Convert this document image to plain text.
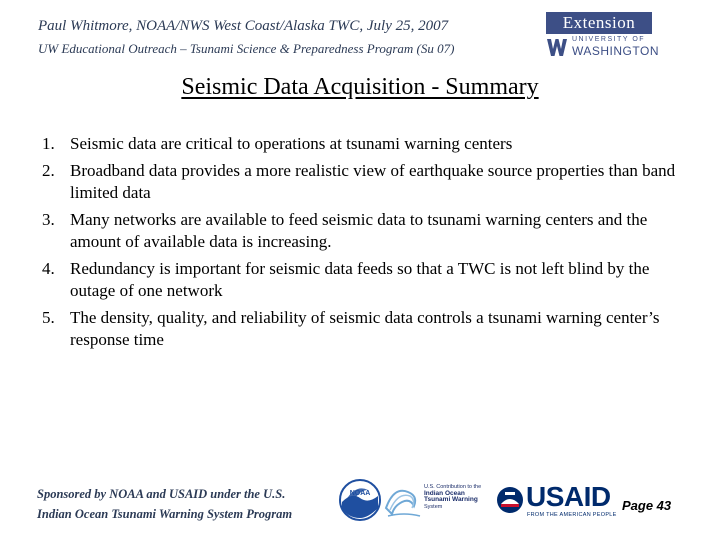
Paul Whitmore, NOAA/NWS West Coast/Alaska TWC, July 25, 2007
UW Educational Outreach – Tsunami Science & Preparedness Program (Su 07)
Extension
UNIVERSITY OF
WASHINGTON
Seismic Data Acquisition - Summary
1. Seismic data are critical to operations at tsunami warning centers
2. Broadband data provides a more realistic view of earthquake source properties than band limited data
3. Many networks are available to feed seismic data to tsunami warning centers and the amount of available data is increasing.
4. Redundancy is important for seismic data feeds so that a TWC is not left blind by the outage of one network
5. The density, quality, and reliability of seismic data controls a tsunami warning center’s response time
Sponsored by NOAA and USAID under the U.S.
Indian Ocean Tsunami Warning System Program
NOAA
U.S. Contribution to the
Indian Ocean
Tsunami Warning
System	USAID
FROM THE AMERICAN PEOPLE
Page 43
